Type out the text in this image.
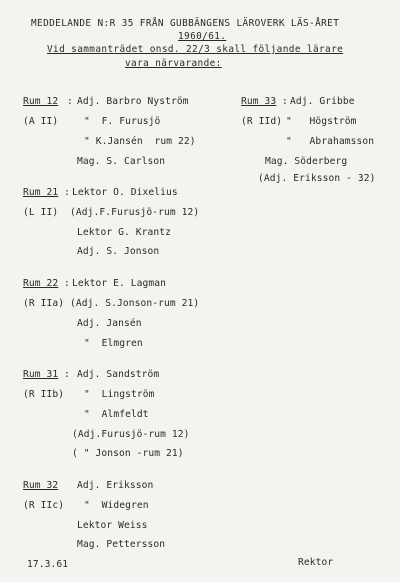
MEDDELANDE N:R 35 FRÅN GUBBÄNGENS LÄROVERK LÄS-ÅRET
1960/61.
Vid sammanträdet onsd. 22/3 skall följande lärare
vara närvarande:
Rum 12 : Adj. Barbro Nyström
(A II)	"  F. Furusjö
" K.Jansén  rum 22)
Mag. S. Carlson
Rum 33 : Adj. Gribbe
(R IId) "   Högström
"   Abrahamsson
Mag. Söderberg
(Adj. Eriksson - 32)
Rum 21 : Lektor O. Dixelius
(L II) (Adj.F.Furusjö-rum 12)
Lektor G. Krantz
Adj. S. Jonson
Rum 22 : Lektor E. Lagman
(R IIa) (Adj. S.Jonson-rum 21)
Adj. Jansén
"  Elmgren
Rum 31 : Adj. Sandström
(R IIb) "  Lingström
"  Almfeldt
(Adj.Furusjö-rum 12)
( " Jonson -rum 21)
Rum 32 Adj. Eriksson
(R IIc) "  Widegren
Lektor Weiss
Mag. Pettersson
17.3.61	Rektor
